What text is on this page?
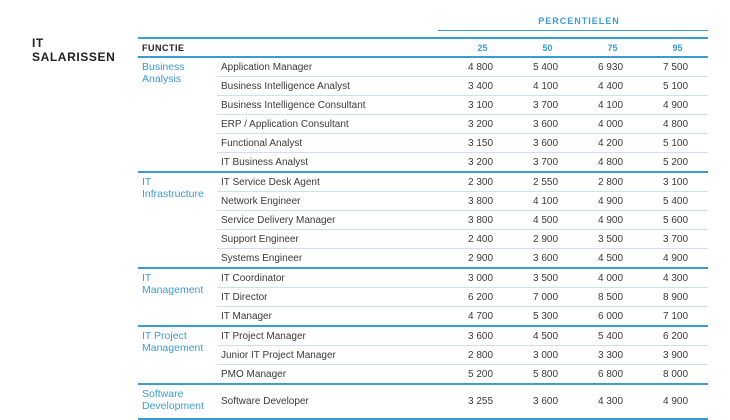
IT
SALARISSEN
PERCENTIELEN
FUNCTIE		25	50	75	95
Business Analysis	Application Manager	4 800	5 400	6 930	7 500
	Business Intelligence Analyst	3 400	4 100	4 400	5 100
	Business Intelligence Consultant	3 100	3 700	4 100	4 900
	ERP / Application Consultant	3 200	3 600	4 000	4 800
	Functional Analyst	3 150	3 600	4 200	5 100
	IT Business Analyst	3 200	3 700	4 800	5 200
IT Infrastructure	IT Service Desk Agent	2 300	2 550	2 800	3 100
	Network Engineer	3 800	4 100	4 900	5 400
	Service Delivery Manager	3 800	4 500	4 900	5 600
	Support Engineer	2 400	2 900	3 500	3 700
	Systems Engineer	2 900	3 600	4 500	4 900
IT Management	IT Coordinator	3 000	3 500	4 000	4 300
	IT Director	6 200	7 000	8 500	8 900
	IT Manager	4 700	5 300	6 000	7 100
IT Project Management	IT Project Manager	3 600	4 500	5 400	6 200
	Junior IT Project Manager	2 800	3 000	3 300	3 900
	PMO Manager	5 200	5 800	6 800	8 000
Software Development	Software Developer	3 255	3 600	4 300	4 900
